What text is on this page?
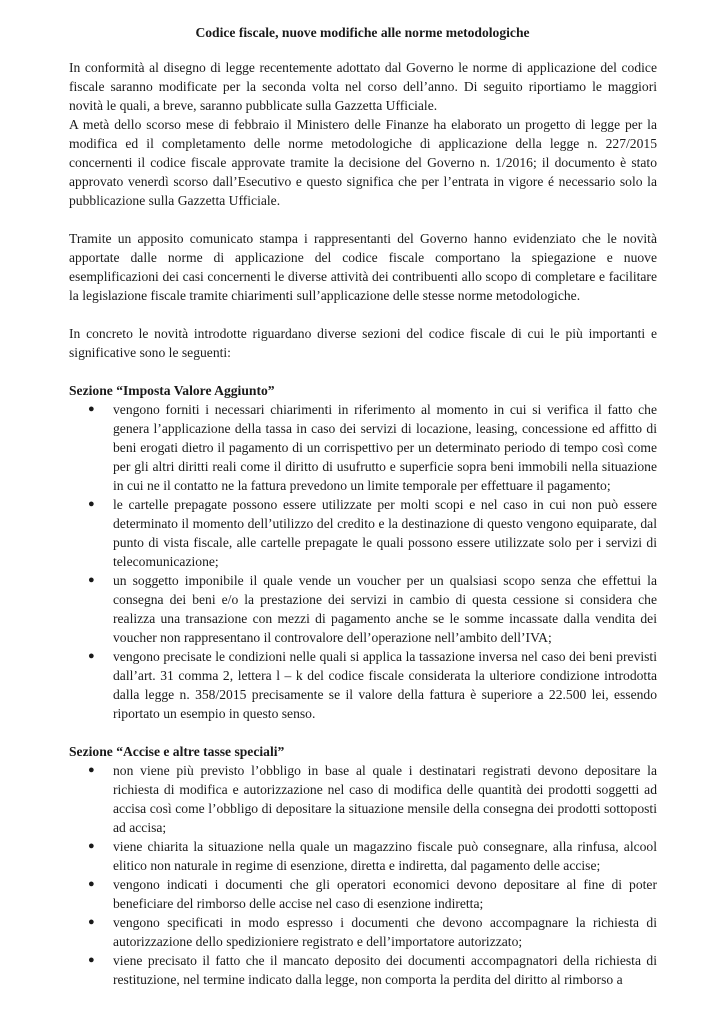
Codice fiscale, nuove modifiche alle norme metodologiche

In conformità al disegno di legge recentemente adottato dal Governo le norme di applicazione del codice fiscale saranno modificate per la seconda volta nel corso dell’anno. Di seguito riportiamo le maggiori novità le quali, a breve, saranno pubblicate sulla Gazzetta Ufficiale.

A metà dello scorso mese di febbraio il Ministero delle Finanze ha elaborato un progetto di legge per la modifica ed il completamento delle norme metodologiche di applicazione della legge n. 227/2015 concernenti il codice fiscale approvate tramite la decisione del Governo n. 1/2016; il documento è stato approvato venerdì scorso dall’Esecutivo e questo significa che per l’entrata in vigore é necessario solo la pubblicazione sulla Gazzetta Ufficiale.

Tramite un apposito comunicato stampa i rappresentanti del Governo hanno evidenziato che le novità apportate dalle norme di applicazione del codice fiscale comportano la spiegazione e nuove esemplificazioni dei casi concernenti le diverse attività dei contribuenti allo scopo di completare e facilitare la legislazione fiscale tramite chiarimenti sull’applicazione delle stesse norme metodologiche.

In concreto le novità introdotte riguardano diverse sezioni del codice fiscale di cui le più importanti e significative sono le seguenti:

Sezione “Imposta Valore Aggiunto”
● vengono forniti i necessari chiarimenti in riferimento al momento in cui si verifica il fatto che genera l’applicazione della tassa in caso dei servizi di locazione, leasing, concessione ed affitto di beni erogati dietro il pagamento di un corrispettivo per un determinato periodo di tempo così come per gli altri diritti reali come il diritto di usufrutto e superficie sopra beni immobili nella situazione in cui ne il contatto ne la fattura prevedono un limite temporale per effettuare il pagamento;
● le cartelle prepagate possono essere utilizzate per molti scopi e nel caso in cui non può essere determinato il momento dell’utilizzo del credito e la destinazione di questo vengono equiparate, dal punto di vista fiscale, alle cartelle prepagate le quali possono essere utilizzate solo per i servizi di telecomunicazione;
● un soggetto imponibile il quale vende un voucher per un qualsiasi scopo senza che effettui la consegna dei beni e/o la prestazione dei servizi in cambio di questa cessione si considera che realizza una transazione con mezzi di pagamento anche se le somme incassate dalla vendita dei voucher non rappresentano il controvalore dell’operazione nell’ambito dell’IVA;
● vengono precisate le condizioni nelle quali si applica la tassazione inversa nel caso dei beni previsti dall’art. 31 comma 2, lettera l – k del codice fiscale considerata la ulteriore condizione introdotta dalla legge n. 358/2015 precisamente se il valore della fattura è superiore a 22.500 lei, essendo riportato un esempio in questo senso.
Sezione “Accise e altre tasse speciali”
● non viene più previsto l’obbligo in base al quale i destinatari registrati devono depositare la richiesta di modifica e autorizzazione nel caso di modifica delle quantità dei prodotti soggetti ad accisa così come l’obbligo di depositare la situazione mensile della consegna dei prodotti sottoposti ad accisa;
● viene chiarita la situazione nella quale un magazzino fiscale può consegnare, alla rinfusa, alcool elitico non naturale in regime di esenzione, diretta e indiretta, dal pagamento delle accise;
● vengono indicati i documenti che gli operatori economici devono depositare al fine di poter beneficiare del rimborso delle accise nel caso di esenzione indiretta;
● vengono specificati in modo espresso i documenti che devono accompagnare la richiesta di autorizzazione dello spedizioniere registrato e dell’importatore autorizzato;
● viene precisato il fatto che il mancato deposito dei documenti accompagnatori della richiesta di restituzione, nel termine indicato dalla legge, non comporta la perdita del diritto al rimborso a
